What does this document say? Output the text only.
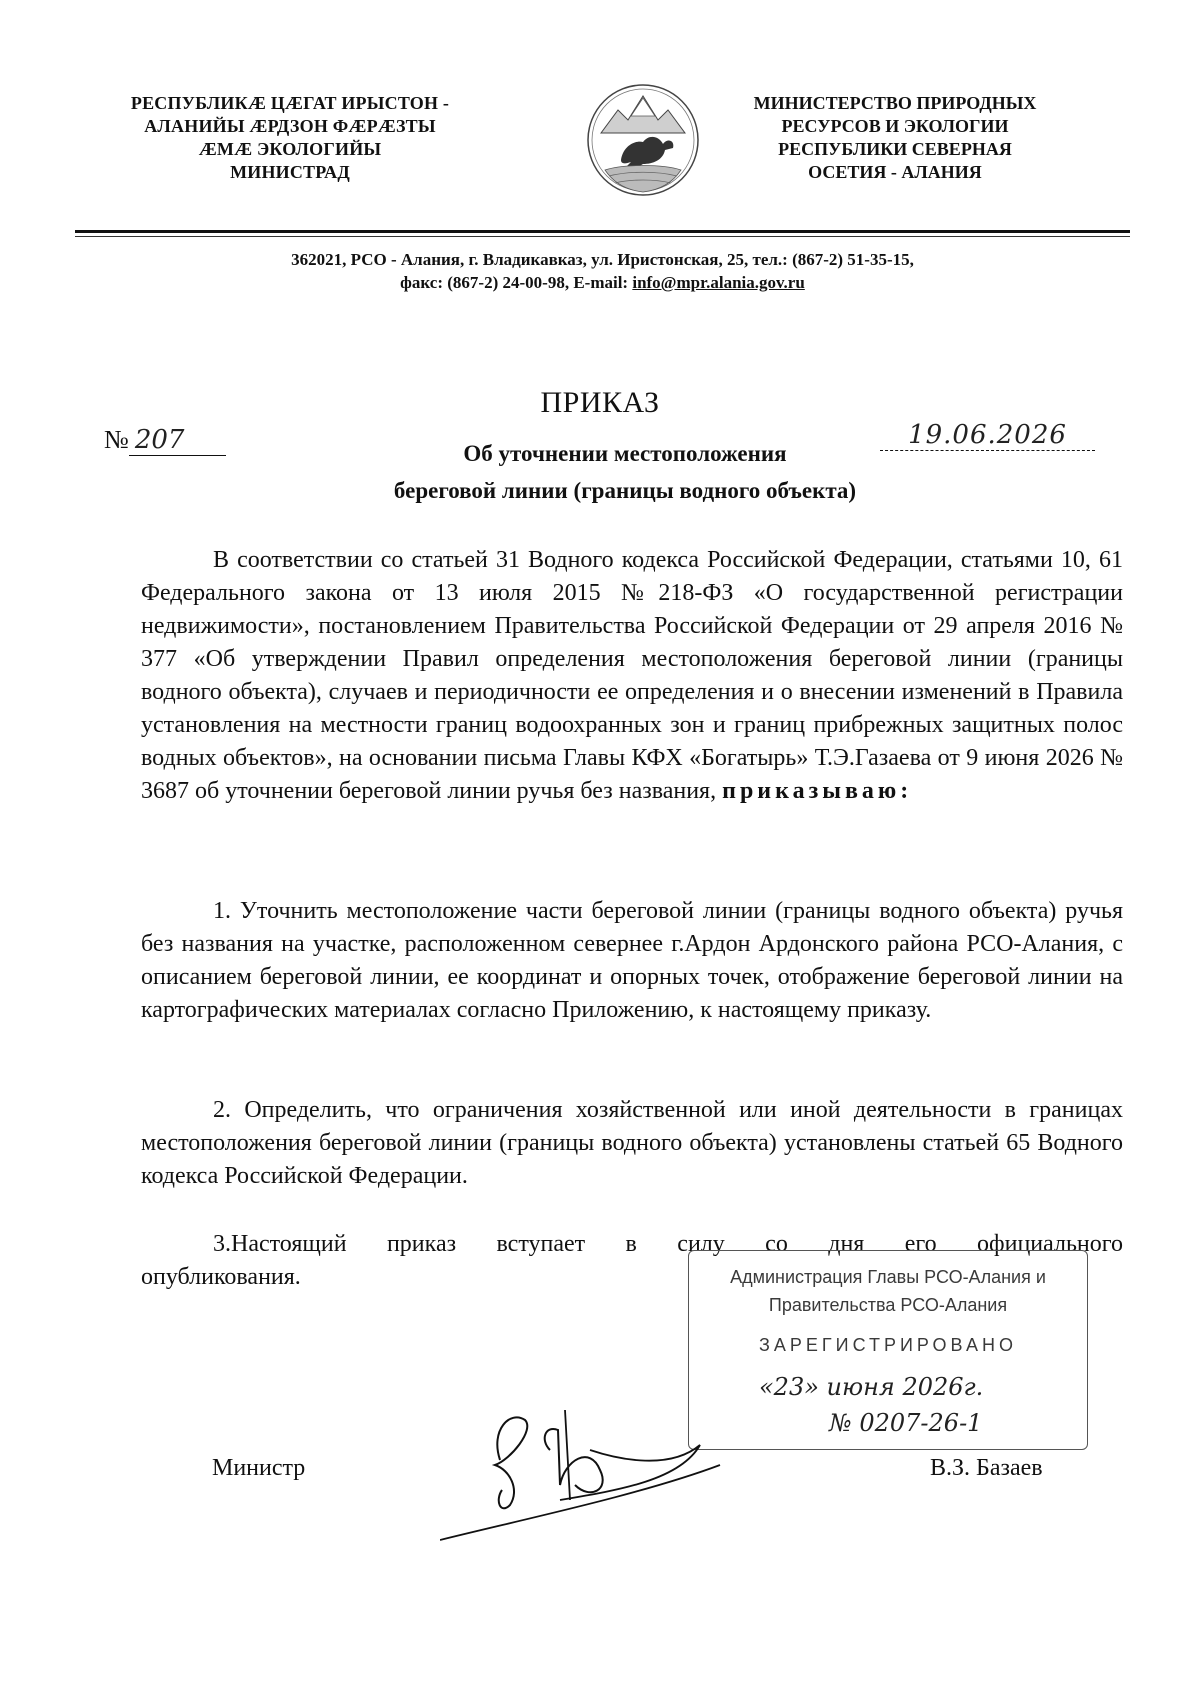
РЕСПУБЛИКӔ ЦӔГАТ ИРЫСТОН -
АЛАНИЙЫ ӔРДЗОН ФӔРӔЗТЫ
ӔМӔ ЭКОЛОГИЙЫ
МИНИСТРАД
МИНИСТЕРСТВО ПРИРОДНЫХ
РЕСУРСОВ И ЭКОЛОГИИ
РЕСПУБЛИКИ СЕВЕРНАЯ
ОСЕТИЯ - АЛАНИЯ
362021, РСО - Алания, г. Владикавказ, ул. Иристонская, 25, тел.: (867-2) 51-35-15,
факс: (867-2) 24-00-98, E-mail: info@mpr.alania.gov.ru
ПРИКАЗ
№ 207	19.06.2026
Об уточнении местоположения
береговой линии (границы водного объекта)

В соответствии со статьей 31 Водного кодекса Российской Федерации, статьями 10, 61 Федерального закона от 13 июля 2015 №218-ФЗ «О государственной регистрации недвижимости», постановлением Правительства Российской Федерации от 29 апреля 2016 № 377 «Об утверждении Правил определения местоположения береговой линии (границы водного объекта), случаев и периодичности ее определения и о внесении изменений в Правила установления на местности границ водоохранных зон и границ прибрежных защитных полос водных объектов», на основании письма Главы КФХ «Богатырь» Т.Э.Газаева от 9 июня 2026 № 3687 об уточнении береговой линии ручья без названия, приказываю:

1. Уточнить местоположение части береговой линии (границы водного объекта) ручья без названия на участке, расположенном севернее г.Ардон Ардонского района РСО-Алания, с описанием береговой линии, ее координат и опорных точек, отображение береговой линии на картографических материалах согласно Приложению, к настоящему приказу.

2. Определить, что ограничения хозяйственной или иной деятельности в границах местоположения береговой линии (границы водного объекта) установлены статьей 65 Водного кодекса Российской Федерации.

3.Настоящий приказ вступает в силу со дня его официального

опубликования.	Администрация Главы РСО-Алания и
Правительства РСО-Алания
ЗАРЕГИСТРИРОВАНО
«23» июня 2026г.
№ 0207-26-1
Министр	В.З. Базаев
